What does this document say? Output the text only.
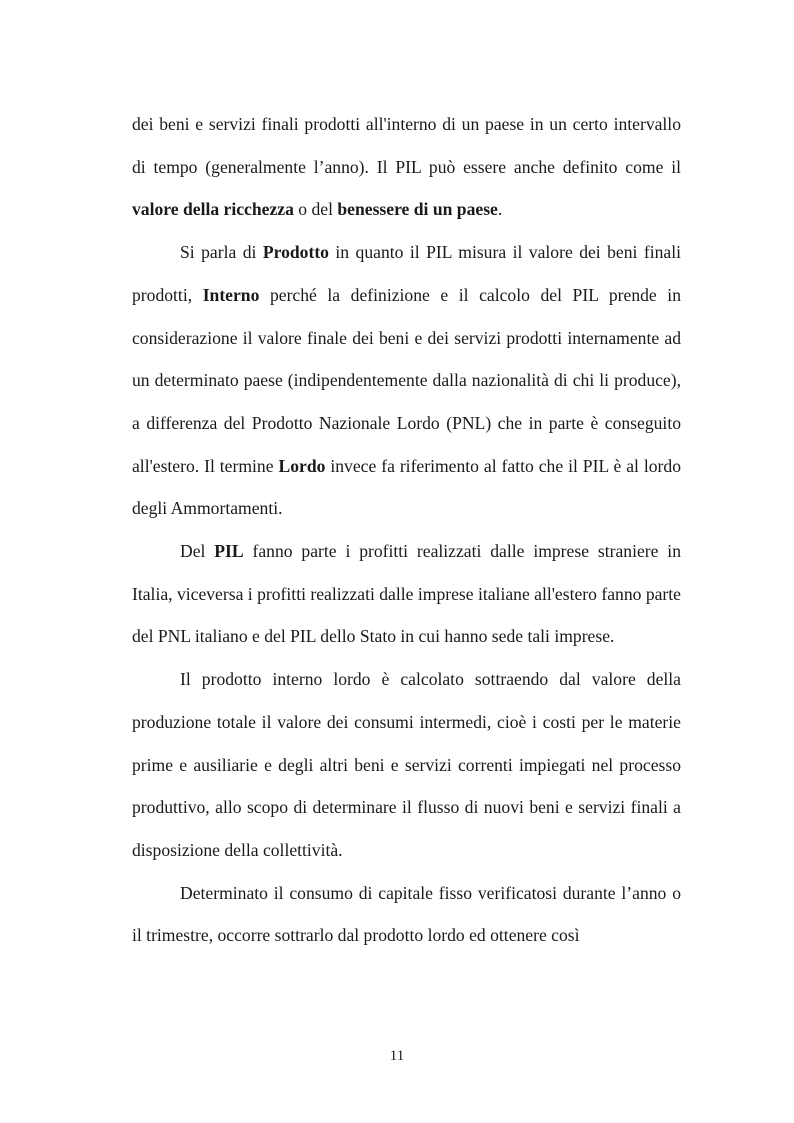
dei beni e servizi finali prodotti all'interno di un paese in un certo intervallo di tempo (generalmente l’anno). Il PIL può essere anche definito come il valore della ricchezza o del benessere di un paese.

Si parla di Prodotto in quanto il PIL misura il valore dei beni finali prodotti, Interno perché la definizione e il calcolo del PIL prende in considerazione il valore finale dei beni e dei servizi prodotti internamente ad un determinato paese (indipendentemente dalla nazionalità di chi li produce), a differenza del Prodotto Nazionale Lordo (PNL) che in parte è conseguito all'estero. Il termine Lordo invece fa riferimento al fatto che il PIL è al lordo degli Ammortamenti.

Del PIL fanno parte i profitti realizzati dalle imprese straniere in Italia, viceversa i profitti realizzati dalle imprese italiane all'estero fanno parte del PNL italiano e del PIL dello Stato in cui hanno sede tali imprese.

Il prodotto interno lordo è calcolato sottraendo dal valore della produzione totale il valore dei consumi intermedi, cioè i costi per le materie prime e ausiliarie e degli altri beni e servizi correnti impiegati nel processo produttivo, allo scopo di determinare il flusso di nuovi beni e servizi finali a disposizione della collettività.

Determinato il consumo di capitale fisso verificatosi durante l’anno o il trimestre, occorre sottrarlo dal prodotto lordo ed ottenere così

11
